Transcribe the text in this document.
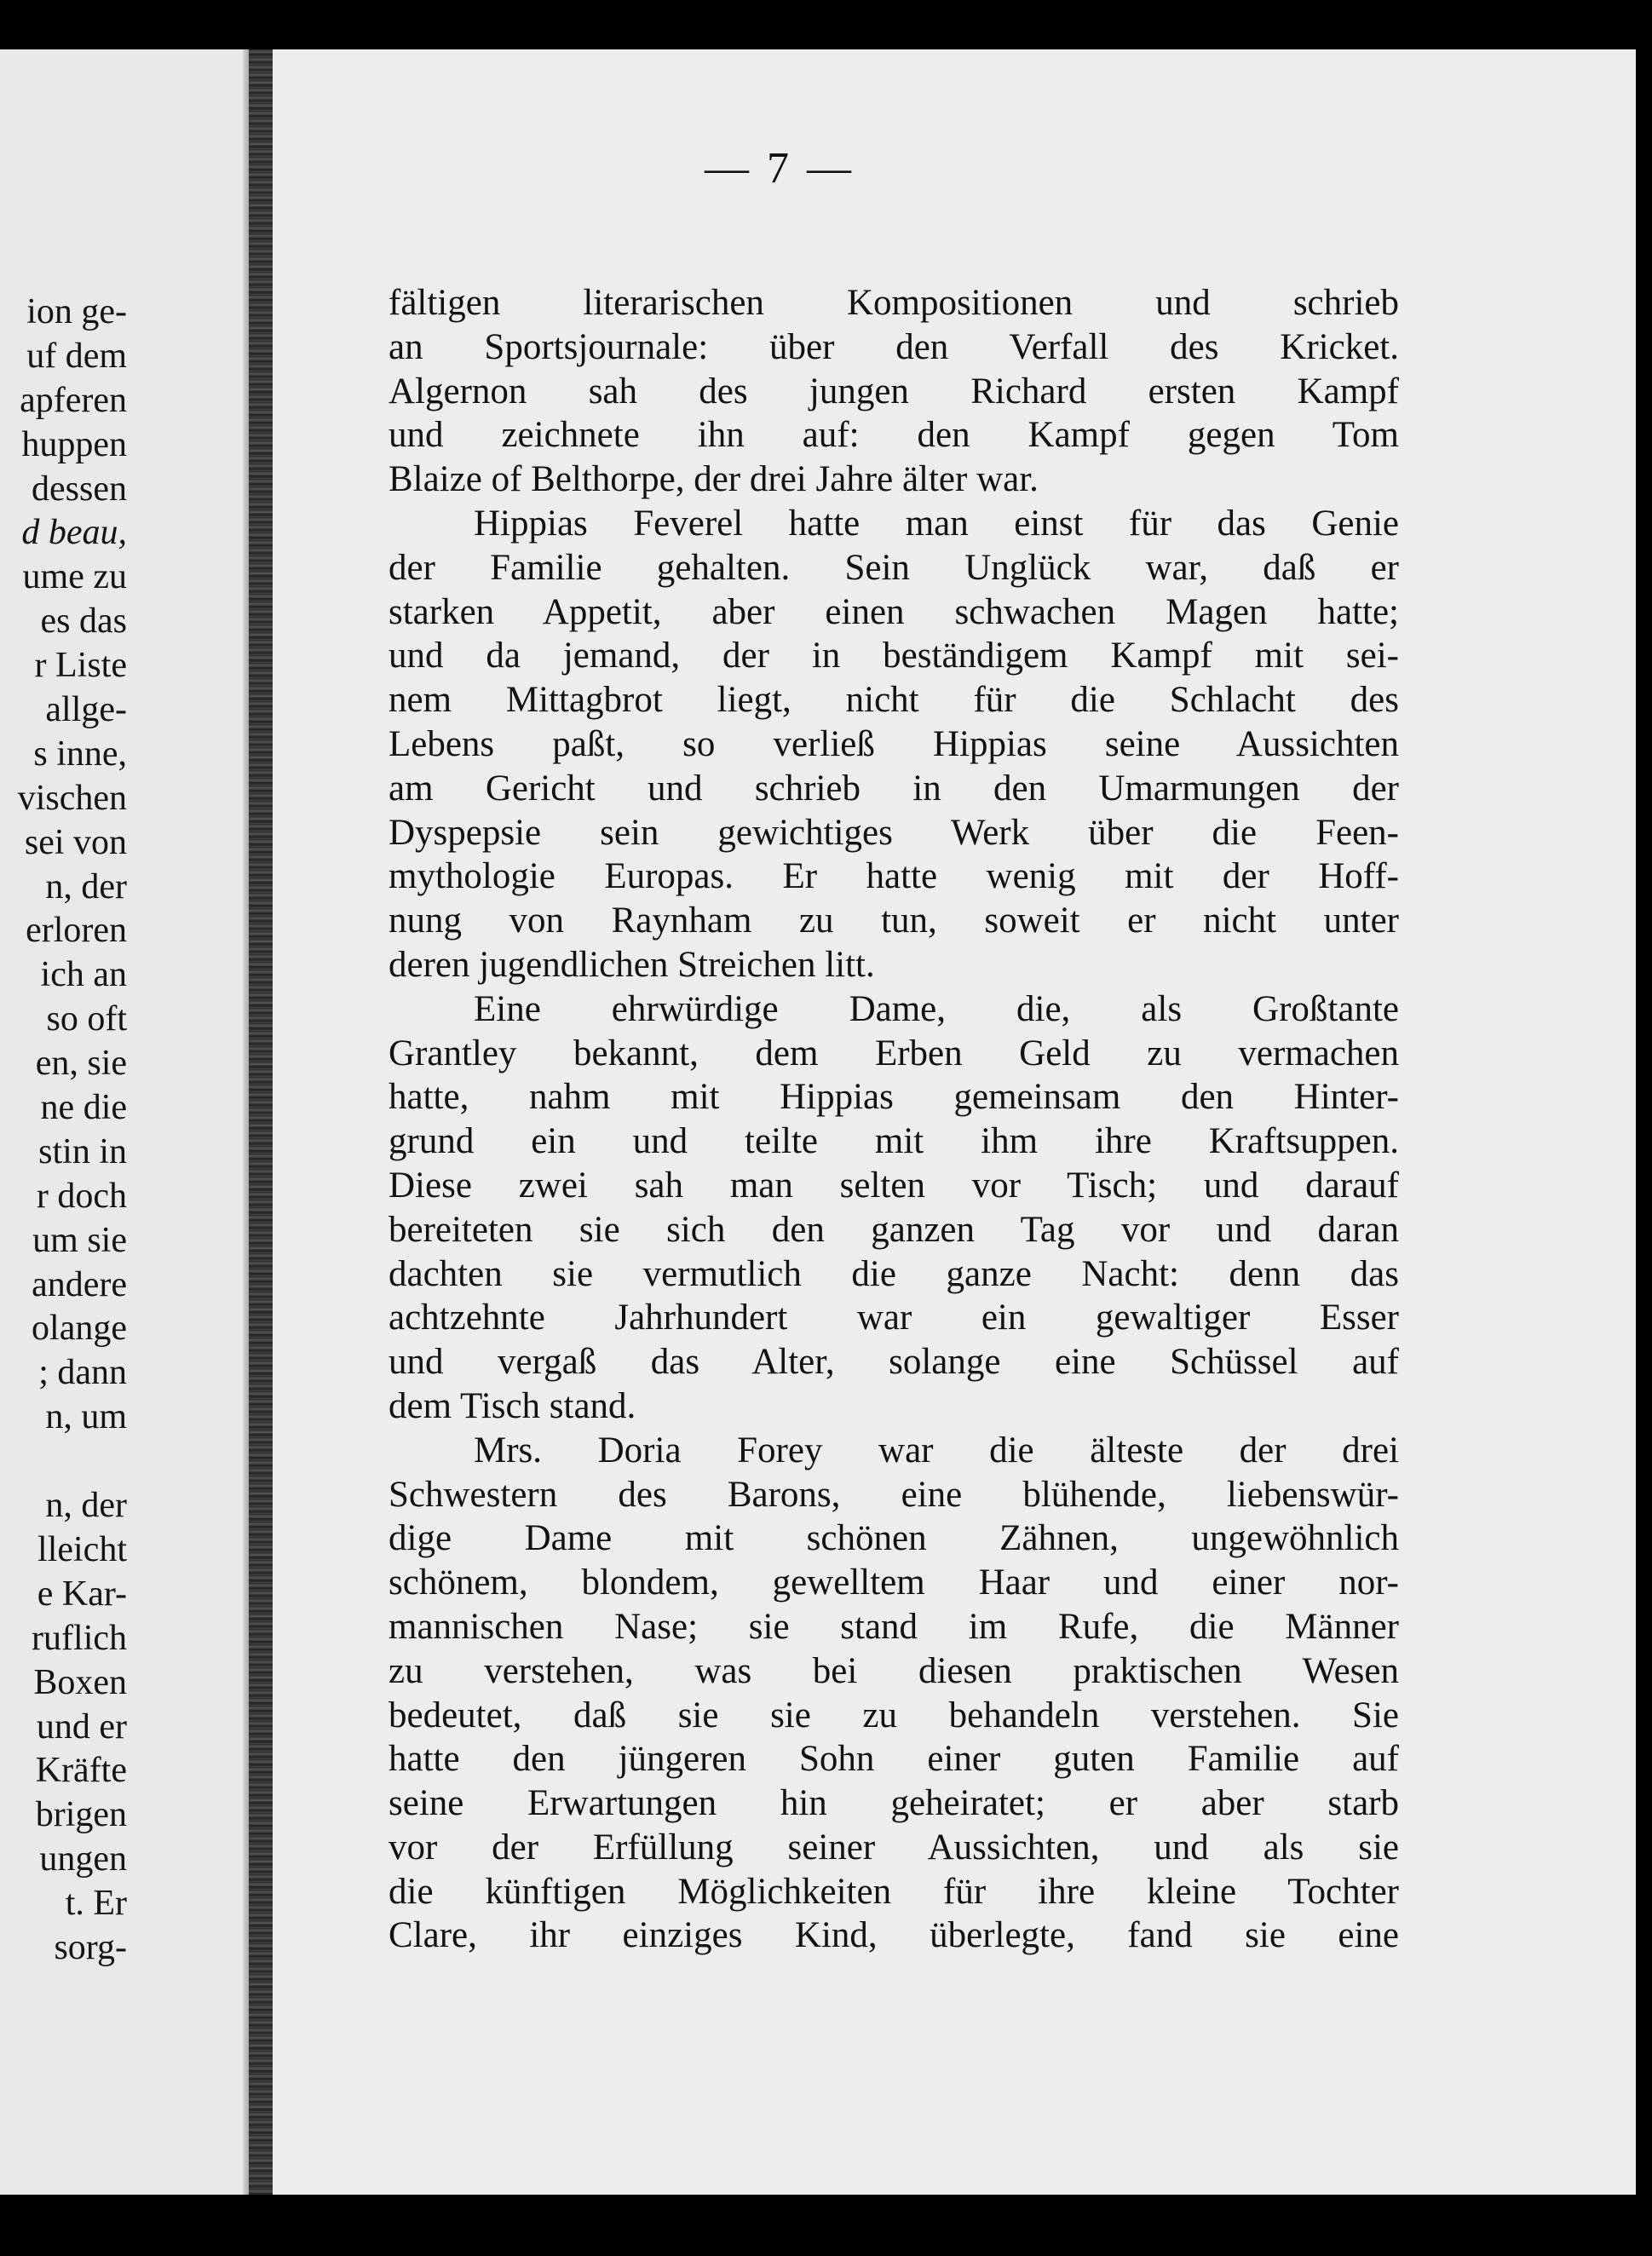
ion ge-
uf dem
apferen
huppen
dessen
d beau,
ume zu
es das
r Liste
allge-
s inne,
vischen
sei von
n, der
erloren
ich an
so oft
en, sie
ne die
stin in
r doch
um sie
andere
olange
; dann
n, um
n, der
lleicht
e Kar-
ruflich
Boxen
und er
Kräfte
brigen
ungen
t. Er
sorg-
— 7 —
fältigen literarischen Kompositionen und schrieb
an Sportsjournale: über den Verfall des Kricket.
Algernon sah des jungen Richard ersten Kampf
und zeichnete ihn auf: den Kampf gegen Tom
Blaize of Belthorpe, der drei Jahre älter war.
Hippias Feverel hatte man einst für das Genie
der Familie gehalten. Sein Unglück war, daß er
starken Appetit, aber einen schwachen Magen hatte;
und da jemand, der in beständigem Kampf mit sei-
nem Mittagbrot liegt, nicht für die Schlacht des
Lebens paßt, so verließ Hippias seine Aussichten
am Gericht und schrieb in den Umarmungen der
Dyspepsie sein gewichtiges Werk über die Feen-
mythologie Europas. Er hatte wenig mit der Hoff-
nung von Raynham zu tun, soweit er nicht unter
deren jugendlichen Streichen litt.
Eine ehrwürdige Dame, die, als Großtante
Grantley bekannt, dem Erben Geld zu vermachen
hatte, nahm mit Hippias gemeinsam den Hinter-
grund ein und teilte mit ihm ihre Kraftsuppen.
Diese zwei sah man selten vor Tisch; und darauf
bereiteten sie sich den ganzen Tag vor und daran
dachten sie vermutlich die ganze Nacht: denn das
achtzehnte Jahrhundert war ein gewaltiger Esser
und vergaß das Alter, solange eine Schüssel auf
dem Tisch stand.
Mrs. Doria Forey war die älteste der drei
Schwestern des Barons, eine blühende, liebenswür-
dige Dame mit schönen Zähnen, ungewöhnlich
schönem, blondem, gewelltem Haar und einer nor-
mannischen Nase; sie stand im Rufe, die Männer
zu verstehen, was bei diesen praktischen Wesen
bedeutet, daß sie sie zu behandeln verstehen. Sie
hatte den jüngeren Sohn einer guten Familie auf
seine Erwartungen hin geheiratet; er aber starb
vor der Erfüllung seiner Aussichten, und als sie
die künftigen Möglichkeiten für ihre kleine Tochter
Clare, ihr einziges Kind, überlegte, fand sie eine
